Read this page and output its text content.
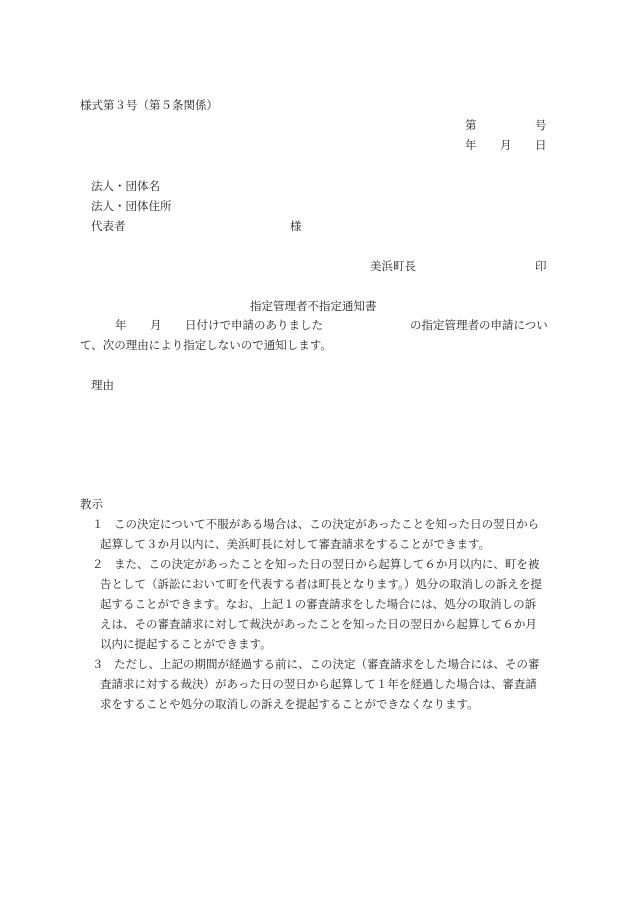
様式第３号（第５条関係）
第	号
年 月 日
法人・団体名
法人・団体住所
代表者	様
美浜町長	印
指定管理者不指定通知書
年 月 日付けで申請のありました	の指定管理者の申請につい
て、次の理由により指定しないので通知します。
理由
教示
１ この決定について不服がある場合は、この決定があったことを知った日の翌日から
起算して３か月以内に、美浜町長に対して審査請求をすることができます。
２ また、この決定があったことを知った日の翌日から起算して６か月以内に、町を被
告として（訴訟において町を代表する者は町長となります。）処分の取消しの訴えを提
起することができます。なお、上記１の審査請求をした場合には、処分の取消しの訴
えは、その審査請求に対して裁決があったことを知った日の翌日から起算して６か月
以内に提起することができます。
３ ただし、上記の期間が経過する前に、この決定（審査請求をした場合には、その審
査請求に対する裁決）があった日の翌日から起算して１年を経過した場合は、審査請
求をすることや処分の取消しの訴えを提起することができなくなります。
